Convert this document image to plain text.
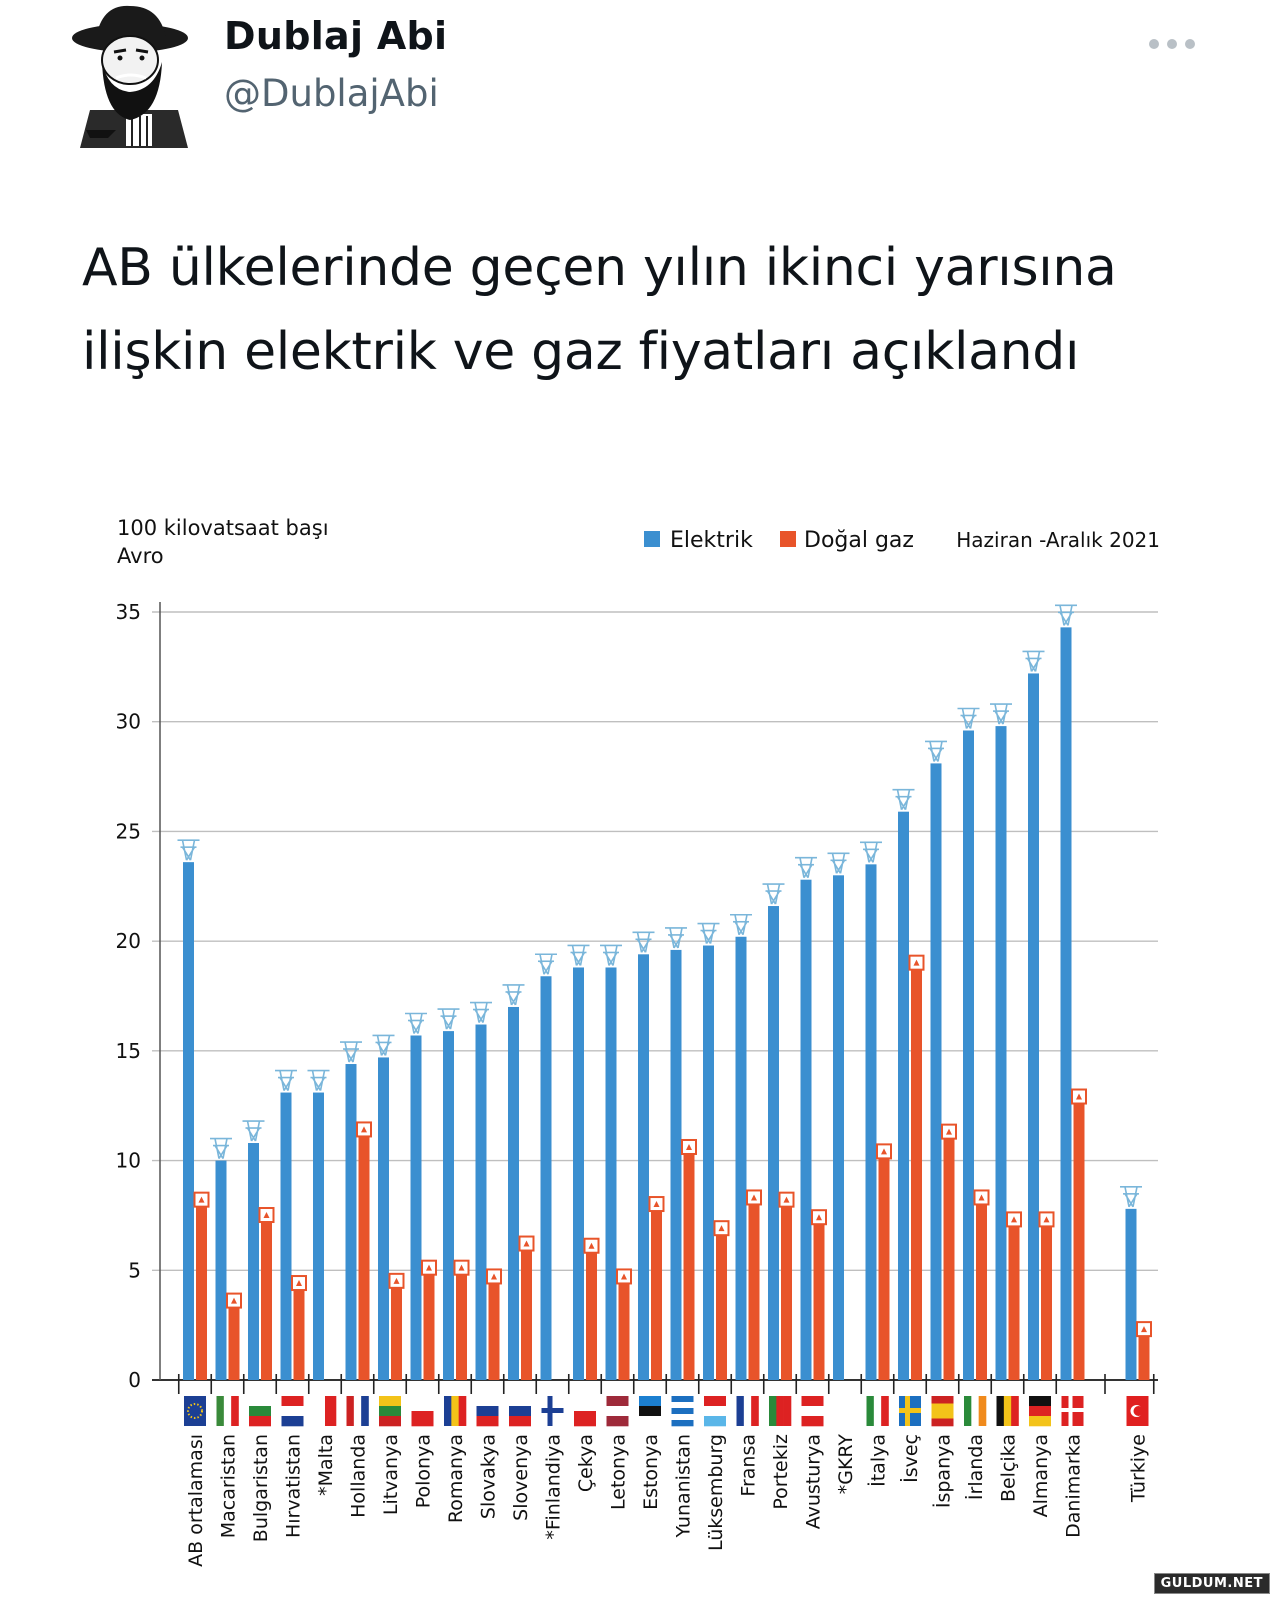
Dublaj Abi
@DublajAbi
AB ülkelerinde geçen yılın ikinci yarısına ilişkin elektrik ve gaz fiyatları açıklandı
100 kilovatsaat başı
Avro
Elektrik Doğal gaz Haziran -Aralık 2021
0
5
10
15
20
25
30
35
AB ortalaması Macaristan Bulgaristan Hırvatistan *Malta Hollanda Litvanya Polonya Romanya Slovakya Slovenya *Finlandiya Çekya Letonya Estonya Yunanistan Lüksemburg Fransa Portekiz Avusturya *GKRY İtalya İsveç İspanya İrlanda Belçika Almanya Danimarka Türkiye
GULDUM.NET
